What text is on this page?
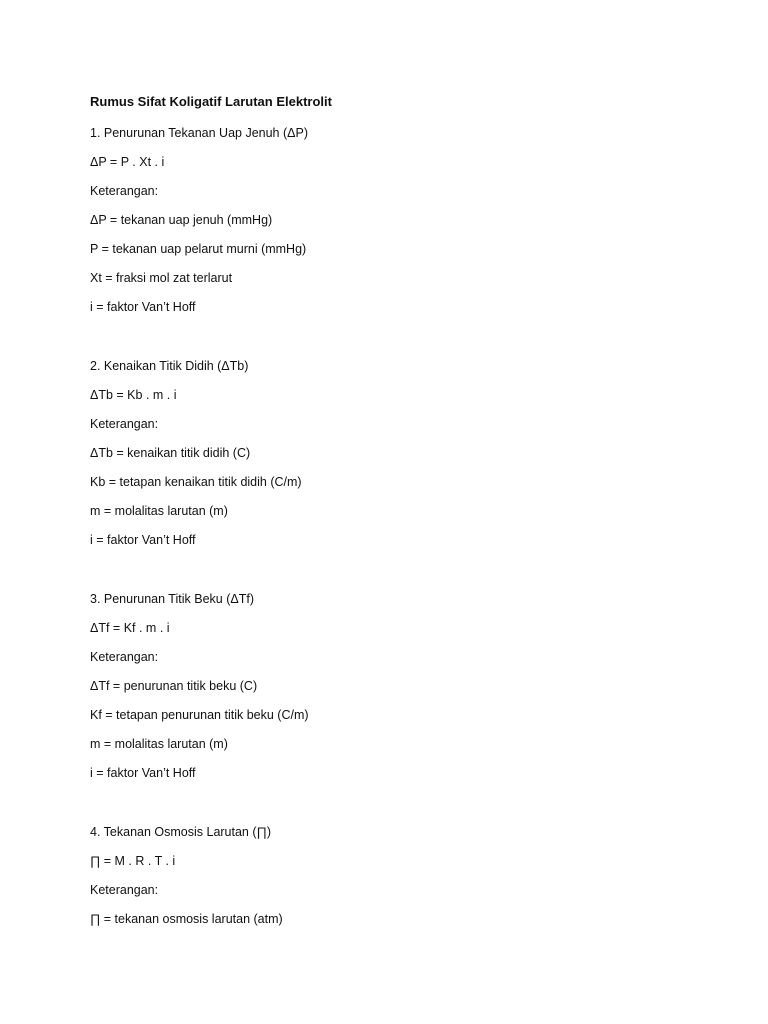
Rumus Sifat Koligatif Larutan Elektrolit
1. Penurunan Tekanan Uap Jenuh (ΔP)
ΔP = P . Xt . i
Keterangan:
ΔP = tekanan uap jenuh (mmHg)
P = tekanan uap pelarut murni (mmHg)
Xt = fraksi mol zat terlarut
i = faktor Van’t Hoff
2. Kenaikan Titik Didih (ΔTb)
ΔTb = Kb . m . i
Keterangan:
ΔTb = kenaikan titik didih (C)
Kb = tetapan kenaikan titik didih (C/m)
m = molalitas larutan (m)
i = faktor Van’t Hoff
3. Penurunan Titik Beku (ΔTf)
ΔTf = Kf . m . i
Keterangan:
ΔTf = penurunan titik beku (C)
Kf = tetapan penurunan titik beku (C/m)
m = molalitas larutan (m)
i = faktor Van’t Hoff
4. Tekanan Osmosis Larutan (∏)
∏ = M . R . T . i
Keterangan:
∏ = tekanan osmosis larutan (atm)
